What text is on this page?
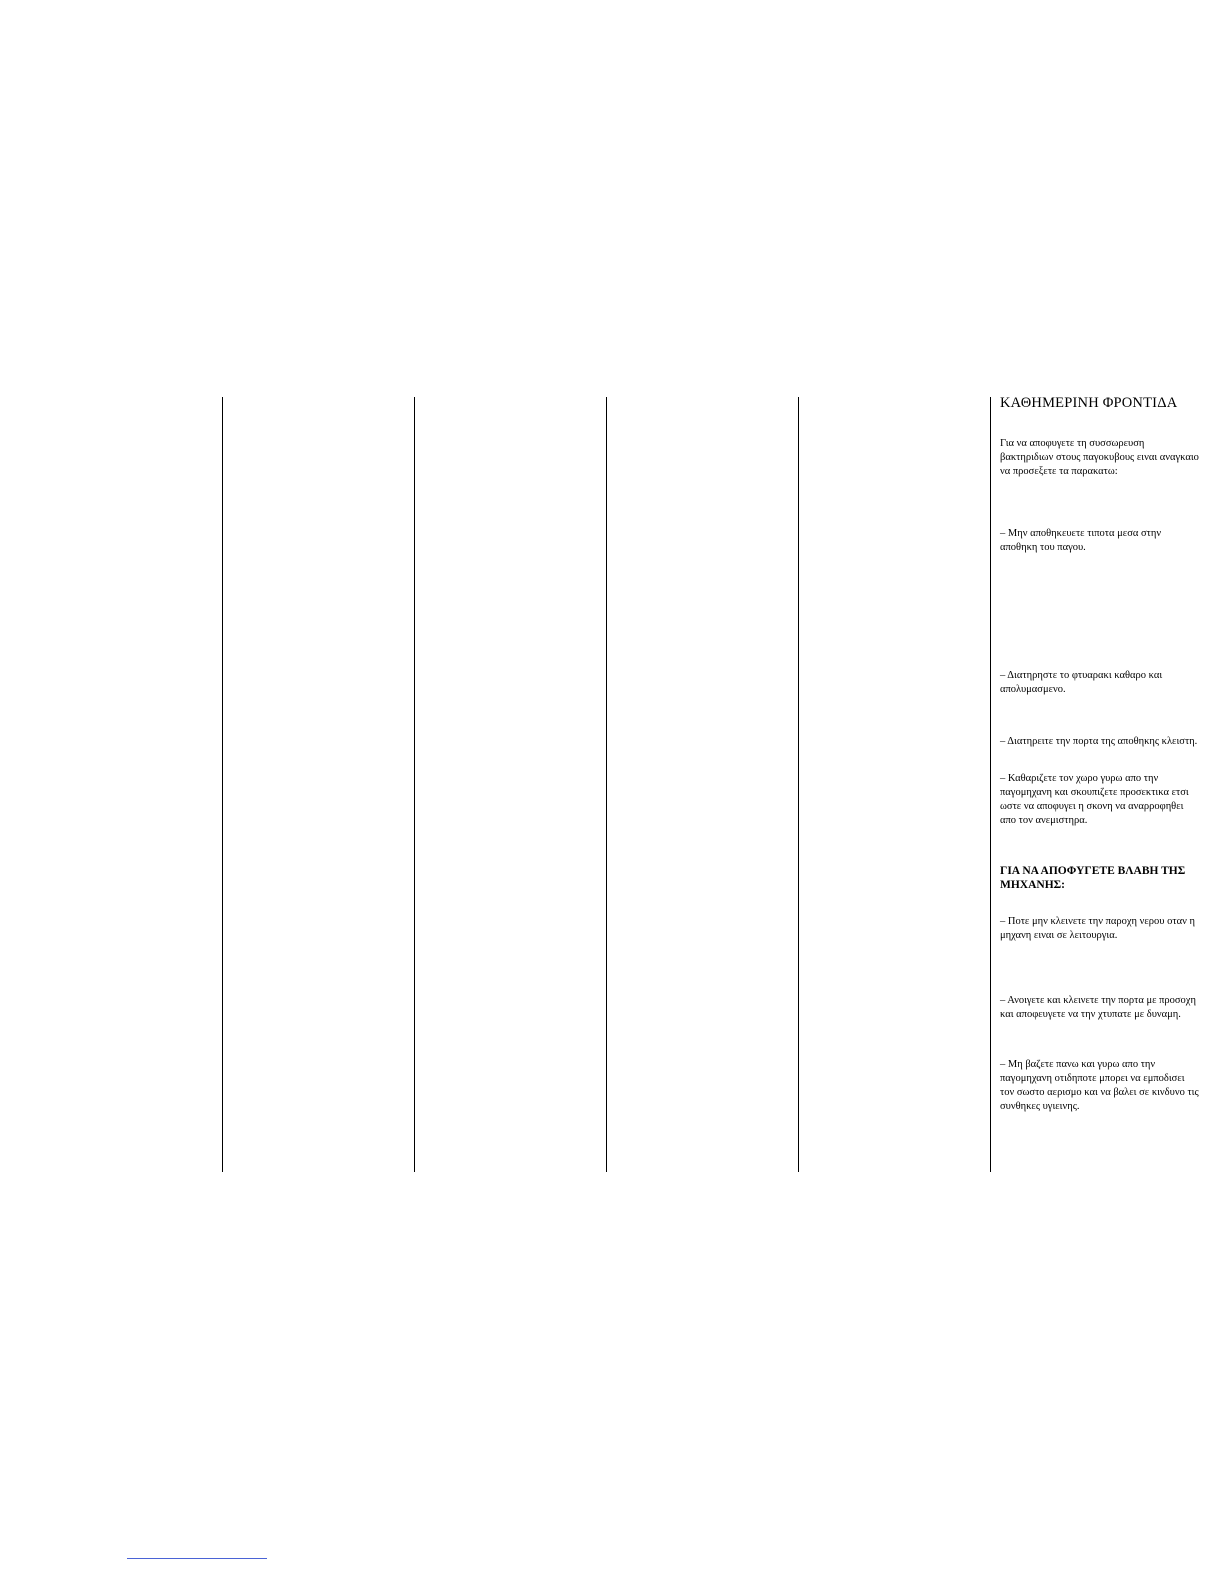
ΚΑΘΗΜΕΡΙΝΗ ΦΡΟΝΤΙΔΑ
Για να αποφυγετε τη συσσωρευση βακτηριδιων στους παγοκυβους ειναι αναγκαιο να προσεξετε τα παρακατω:
– Μην αποθηκευετε τιποτα μεσα στην αποθηκη του παγου.
– Διατηρηστε το φτυαρακι καθαρο και απολυμασμενο.
– Διατηρειτε την πορτα της αποθηκης κλειστη.
– Καθαριζετε τον χωρο γυρω απο την παγομηχανη και σκουπιζετε προσεκτικα ετσι ωστε να αποφυγει η σκονη να αναρροφηθει απο τον ανεμιστηρα.
ΓΙΑ ΝΑ ΑΠΟΦΥΓΕΤΕ ΒΛΑΒΗ ΤΗΣ ΜΗΧΑΝΗΣ:
– Ποτε μην κλεινετε την παροχη νερου οταν η μηχανη ειναι σε λειτουργια.
– Ανοιγετε και κλεινετε την πορτα με προσοχη και αποφευγετε να την χτυπατε με δυναμη.
– Μη βαζετε πανω και γυρω απο την παγομηχανη οτιδηποτε μπορει να εμποδισει τον σωστο αερισμο και να βαλει σε κινδυνο τις συνθηκες υγιεινης.
